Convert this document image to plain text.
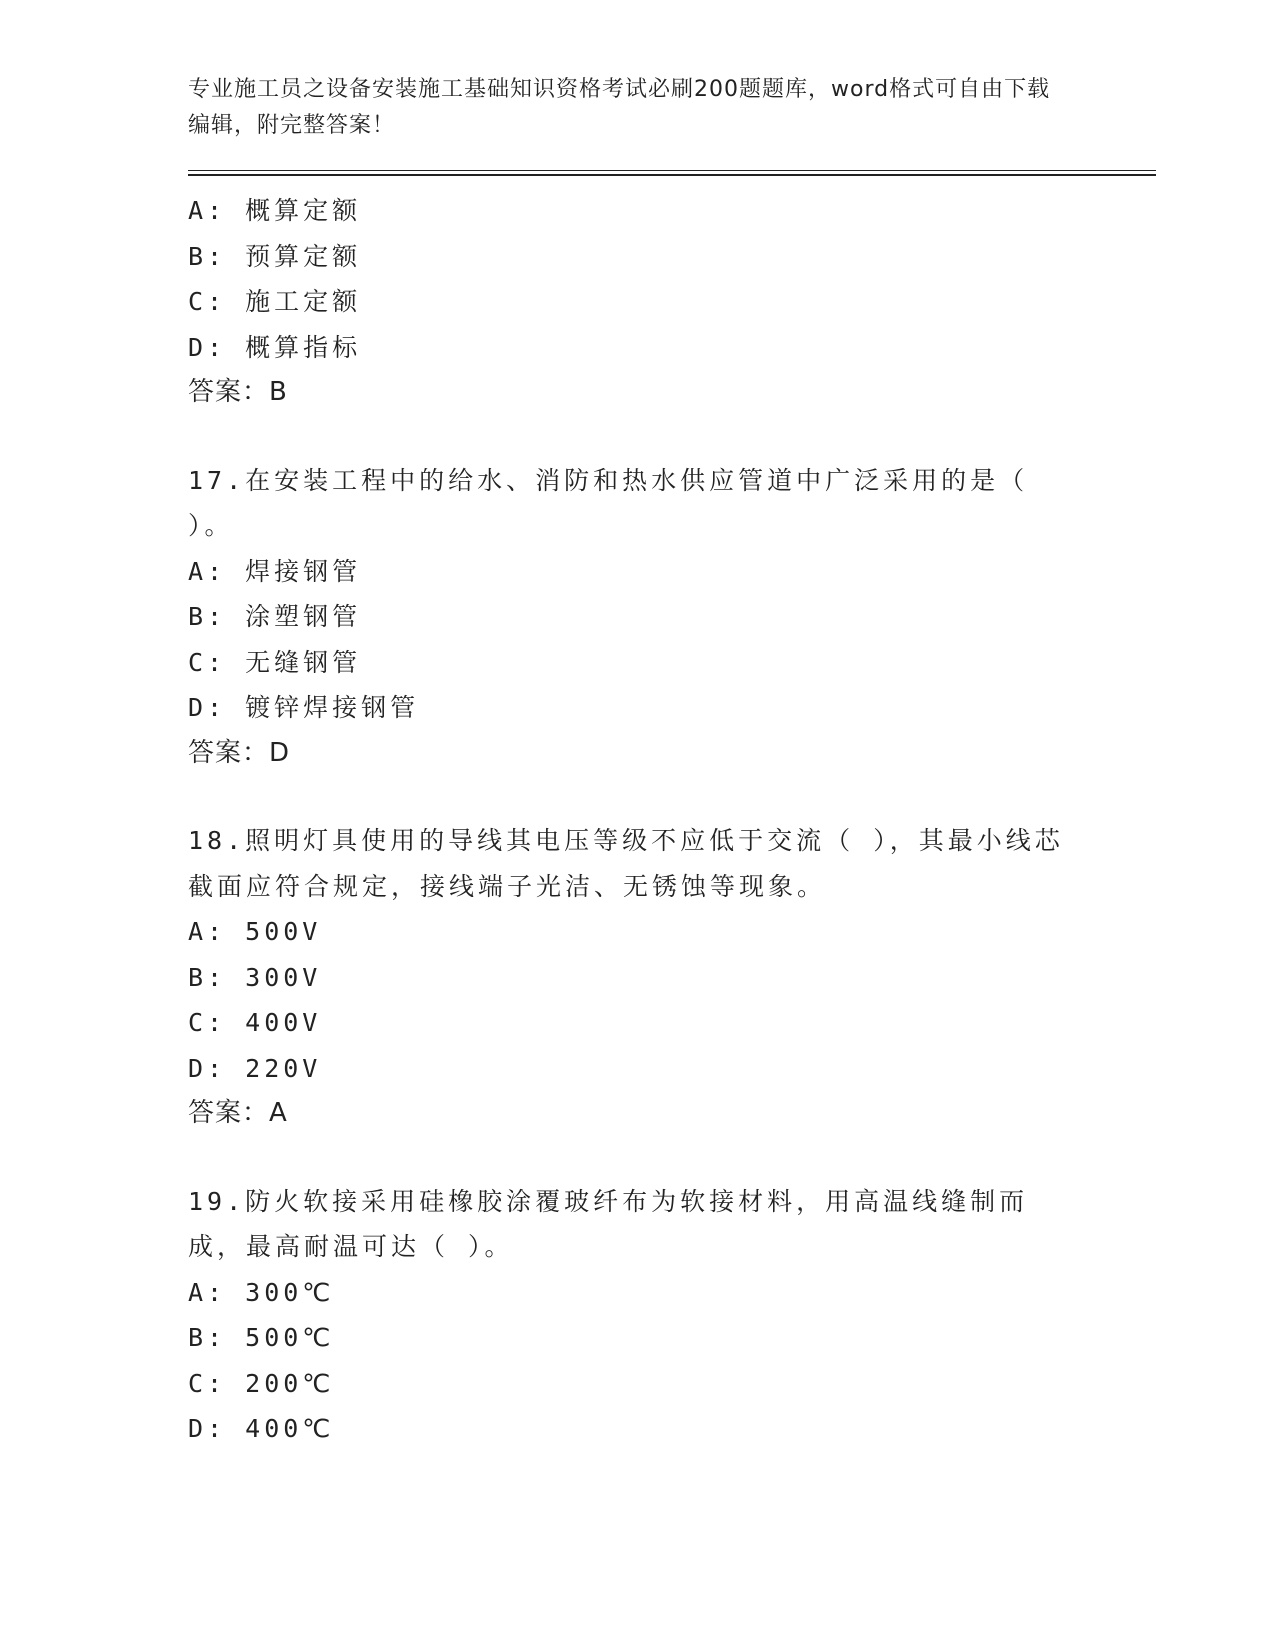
专业施工员之设备安装施工基础知识资格考试必刷200题题库，word格式可自由下载编辑，附完整答案！
A: 概算定额
B: 预算定额
C: 施工定额
D: 概算指标
答案：B

17.在安装工程中的给水、消防和热水供应管道中广泛采用的是（ ）。

A: 焊接钢管
B: 涂塑钢管
C: 无缝钢管
D: 镀锌焊接钢管
答案：D

18.照明灯具使用的导线其电压等级不应低于交流（ ），其最小线芯截面应符合规定，接线端子光洁、无锈蚀等现象。

A: 500V
B: 300V
C: 400V
D: 220V
答案：A

19.防火软接采用硅橡胶涂覆玻纤布为软接材料，用高温线缝制而成，最高耐温可达（ ）。

A: 300℃
B: 500℃
C: 200℃
D: 400℃
